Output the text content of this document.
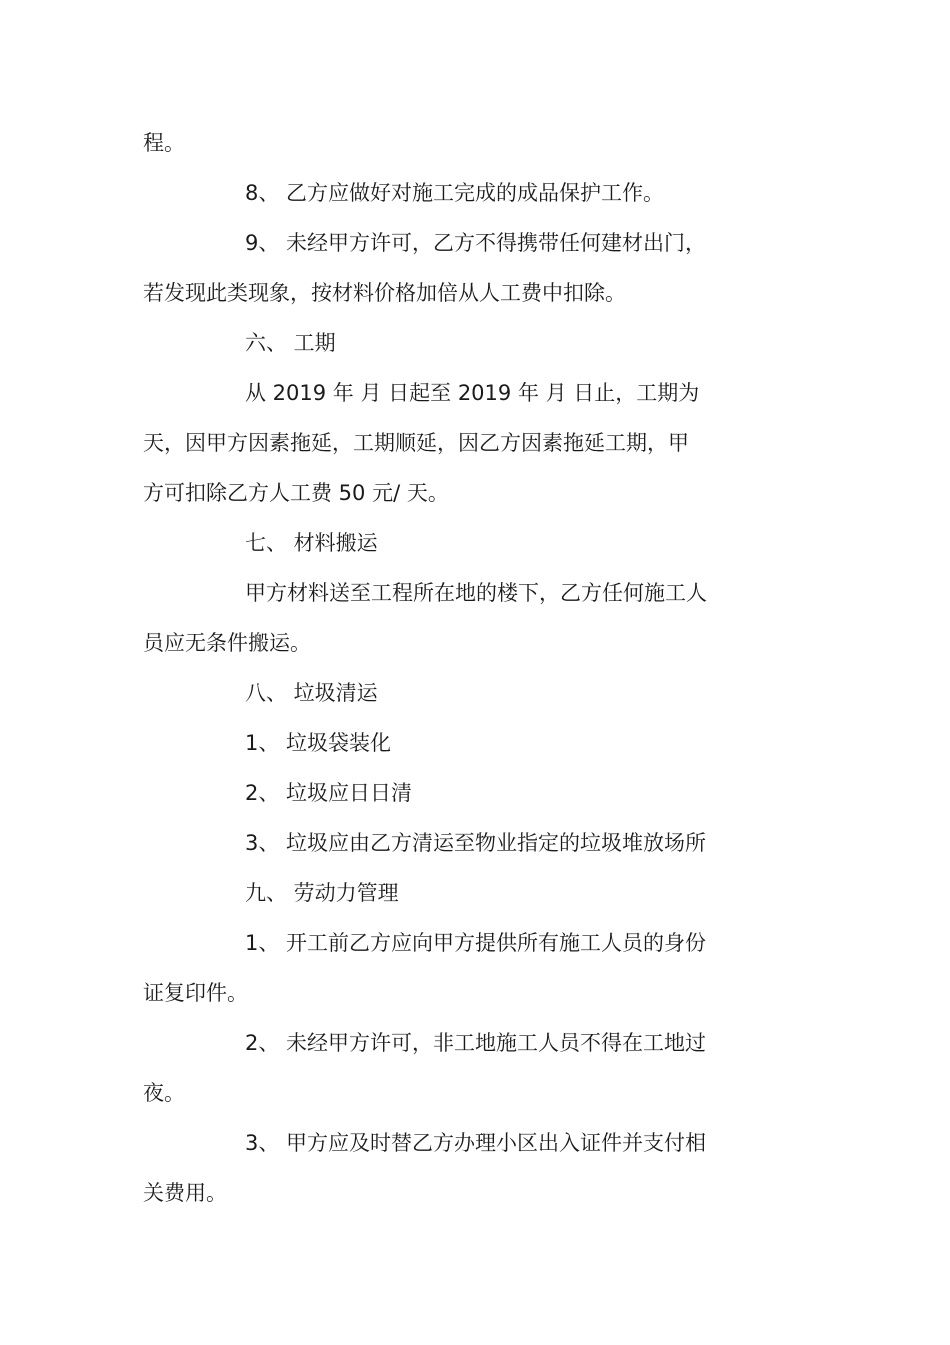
程。
8、 乙方应做好对施工完成的成品保护工作。
9、 未经甲方许可，乙方不得携带任何建材出门，
若发现此类现象，按材料价格加倍从人工费中扣除。
六、 工期
从 2019 年 月 日起至 2019 年 月 日止，工期为
天，因甲方因素拖延，工期顺延，因乙方因素拖延工期，甲
方可扣除乙方人工费 50 元/ 天。
七、 材料搬运
甲方材料送至工程所在地的楼下，乙方任何施工人
员应无条件搬运。
八、 垃圾清运
1、 垃圾袋装化
2、 垃圾应日日清
3、 垃圾应由乙方清运至物业指定的垃圾堆放场所
九、 劳动力管理
1、 开工前乙方应向甲方提供所有施工人员的身份
证复印件。
2、 未经甲方许可，非工地施工人员不得在工地过
夜。
3、 甲方应及时替乙方办理小区出入证件并支付相
关费用。
